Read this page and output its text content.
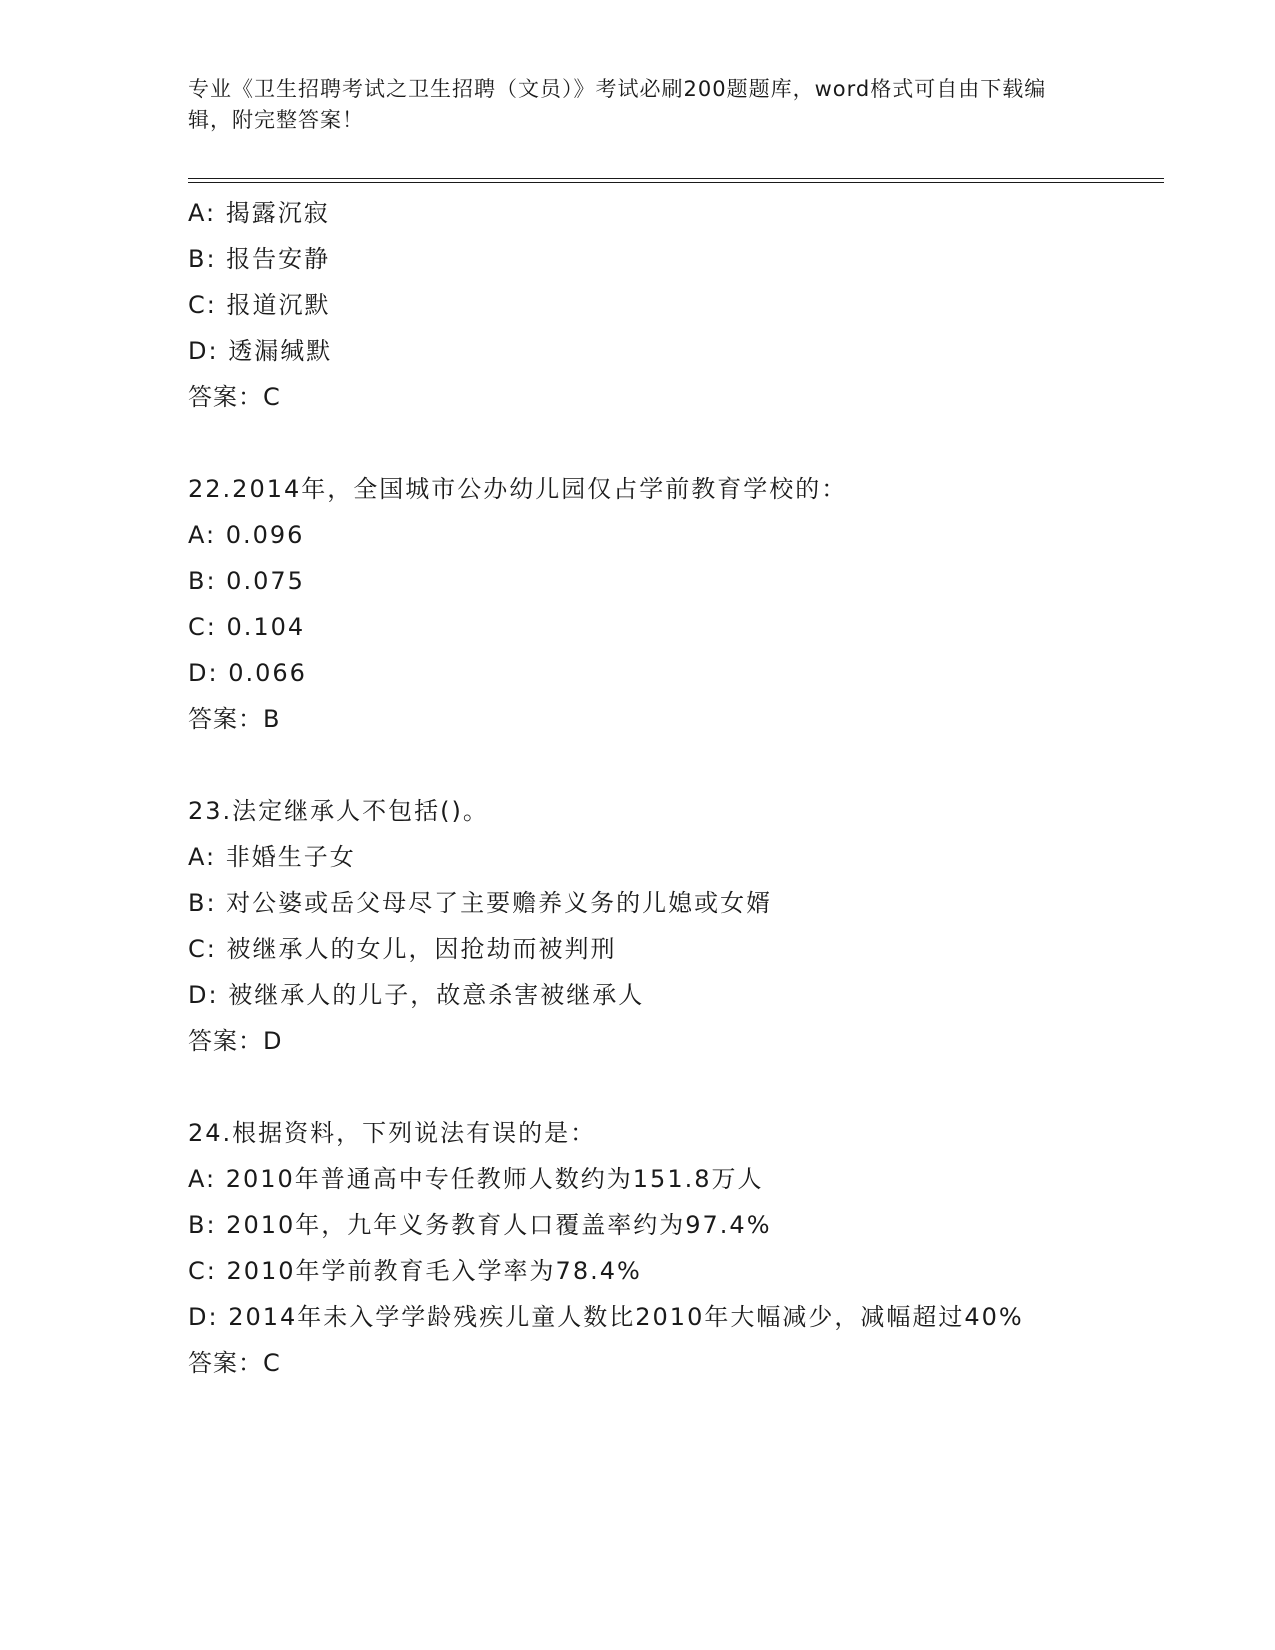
专业《卫生招聘考试之卫生招聘（文员）》考试必刷200题题库，word格式可自由下载编辑，附完整答案！
A: 揭露沉寂
B: 报告安静
C: 报道沉默
D: 透漏缄默
答案：C
22.2014年，全国城市公办幼儿园仅占学前教育学校的：
A: 0.096
B: 0.075
C: 0.104
D: 0.066
答案：B
23.法定继承人不包括()。
A: 非婚生子女
B: 对公婆或岳父母尽了主要赡养义务的儿媳或女婿
C: 被继承人的女儿，因抢劫而被判刑
D: 被继承人的儿子，故意杀害被继承人
答案：D
24.根据资料，下列说法有误的是：
A: 2010年普通高中专任教师人数约为151.8万人
B: 2010年，九年义务教育人口覆盖率约为97.4%
C: 2010年学前教育毛入学率为78.4%
D: 2014年未入学学龄残疾儿童人数比2010年大幅减少，减幅超过40%
答案：C
